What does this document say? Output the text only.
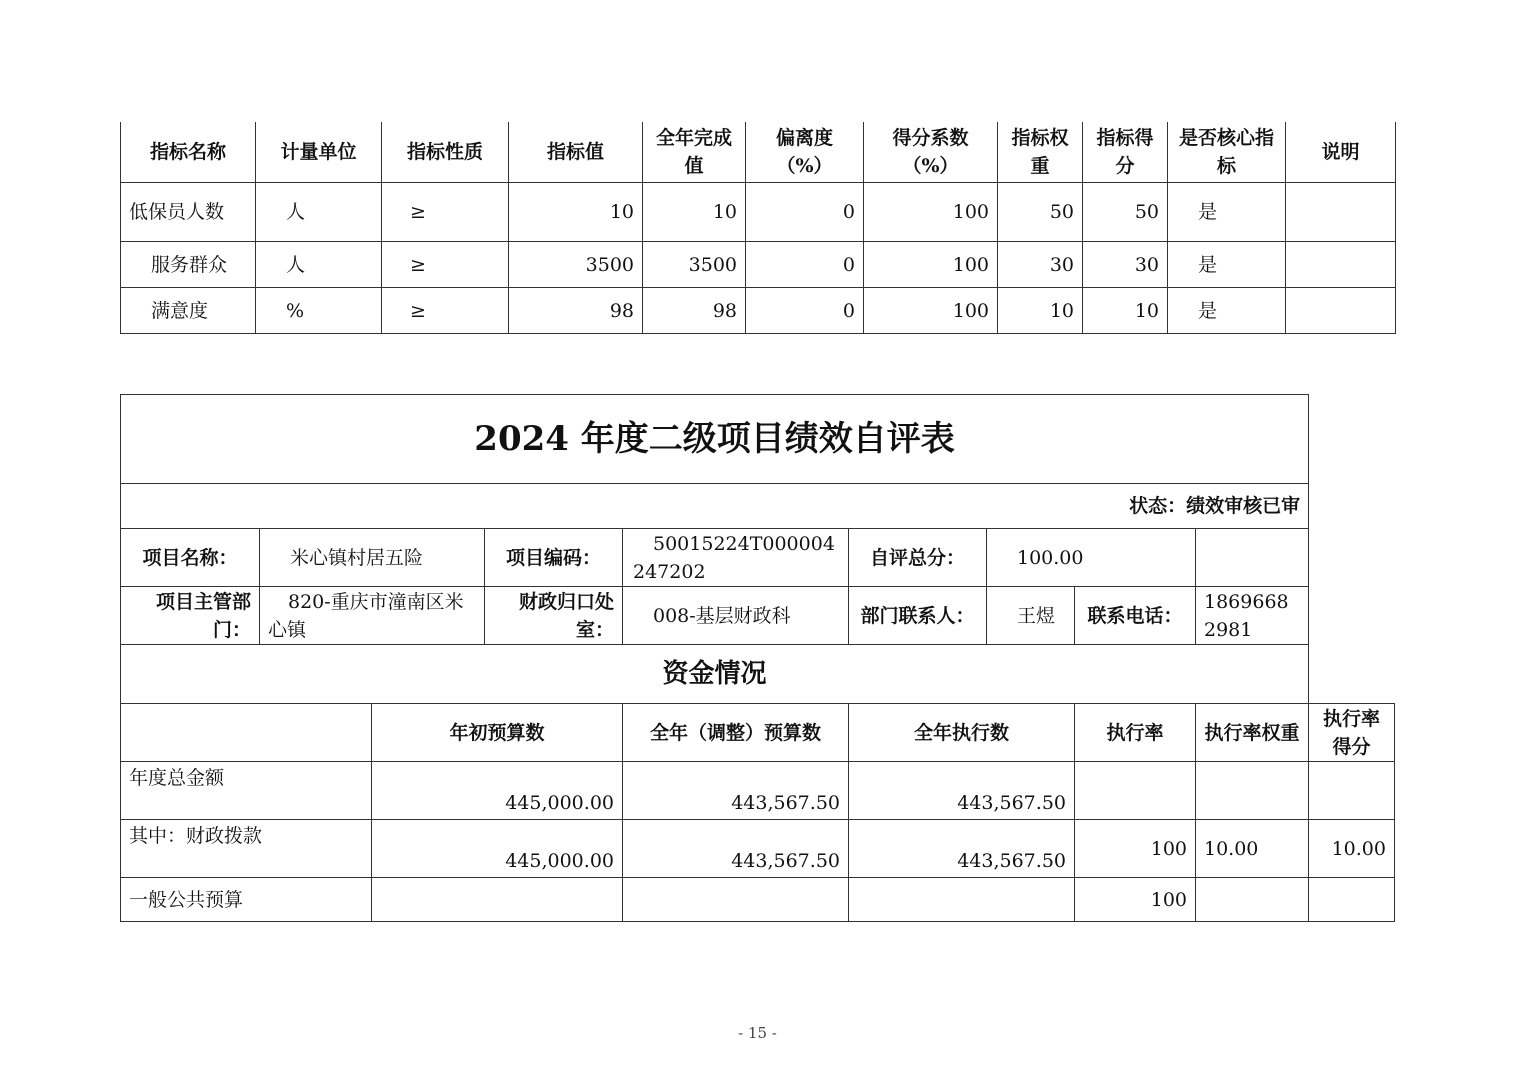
指标名称	计量单位	指标性质	指标值	全年完成值	偏离度（%）	得分系数（%）	指标权重	指标得分	是否核心指标	说明
低保员人数	人	≥	10	10	0	100	50	50	是	
服务群众	人	≥	3500	3500	0	100	30	30	是	
满意度	%	≥	98	98	0	100	10	10	是	
2024 年度二级项目绩效自评表									
状态：绩效审核已审									
项目名称：	米心镇村居五险		项目编码：	50015224T000004247202	自评总分：	100.00			
项目主管部门：	820-重庆市潼南区米心镇		财政归口处室：	008-基层财政科	部门联系人：	王煜	联系电话：	18696682981	
资金情况									
		年初预算数		全年（调整）预算数	全年执行数		执行率	执行率权重	执行率得分
年度总金额		445,000.00		443,567.50	443,567.50				
其中：财政拨款		445,000.00		443,567.50	443,567.50		100	10.00	10.00
一般公共预算							100		
- 15 -
